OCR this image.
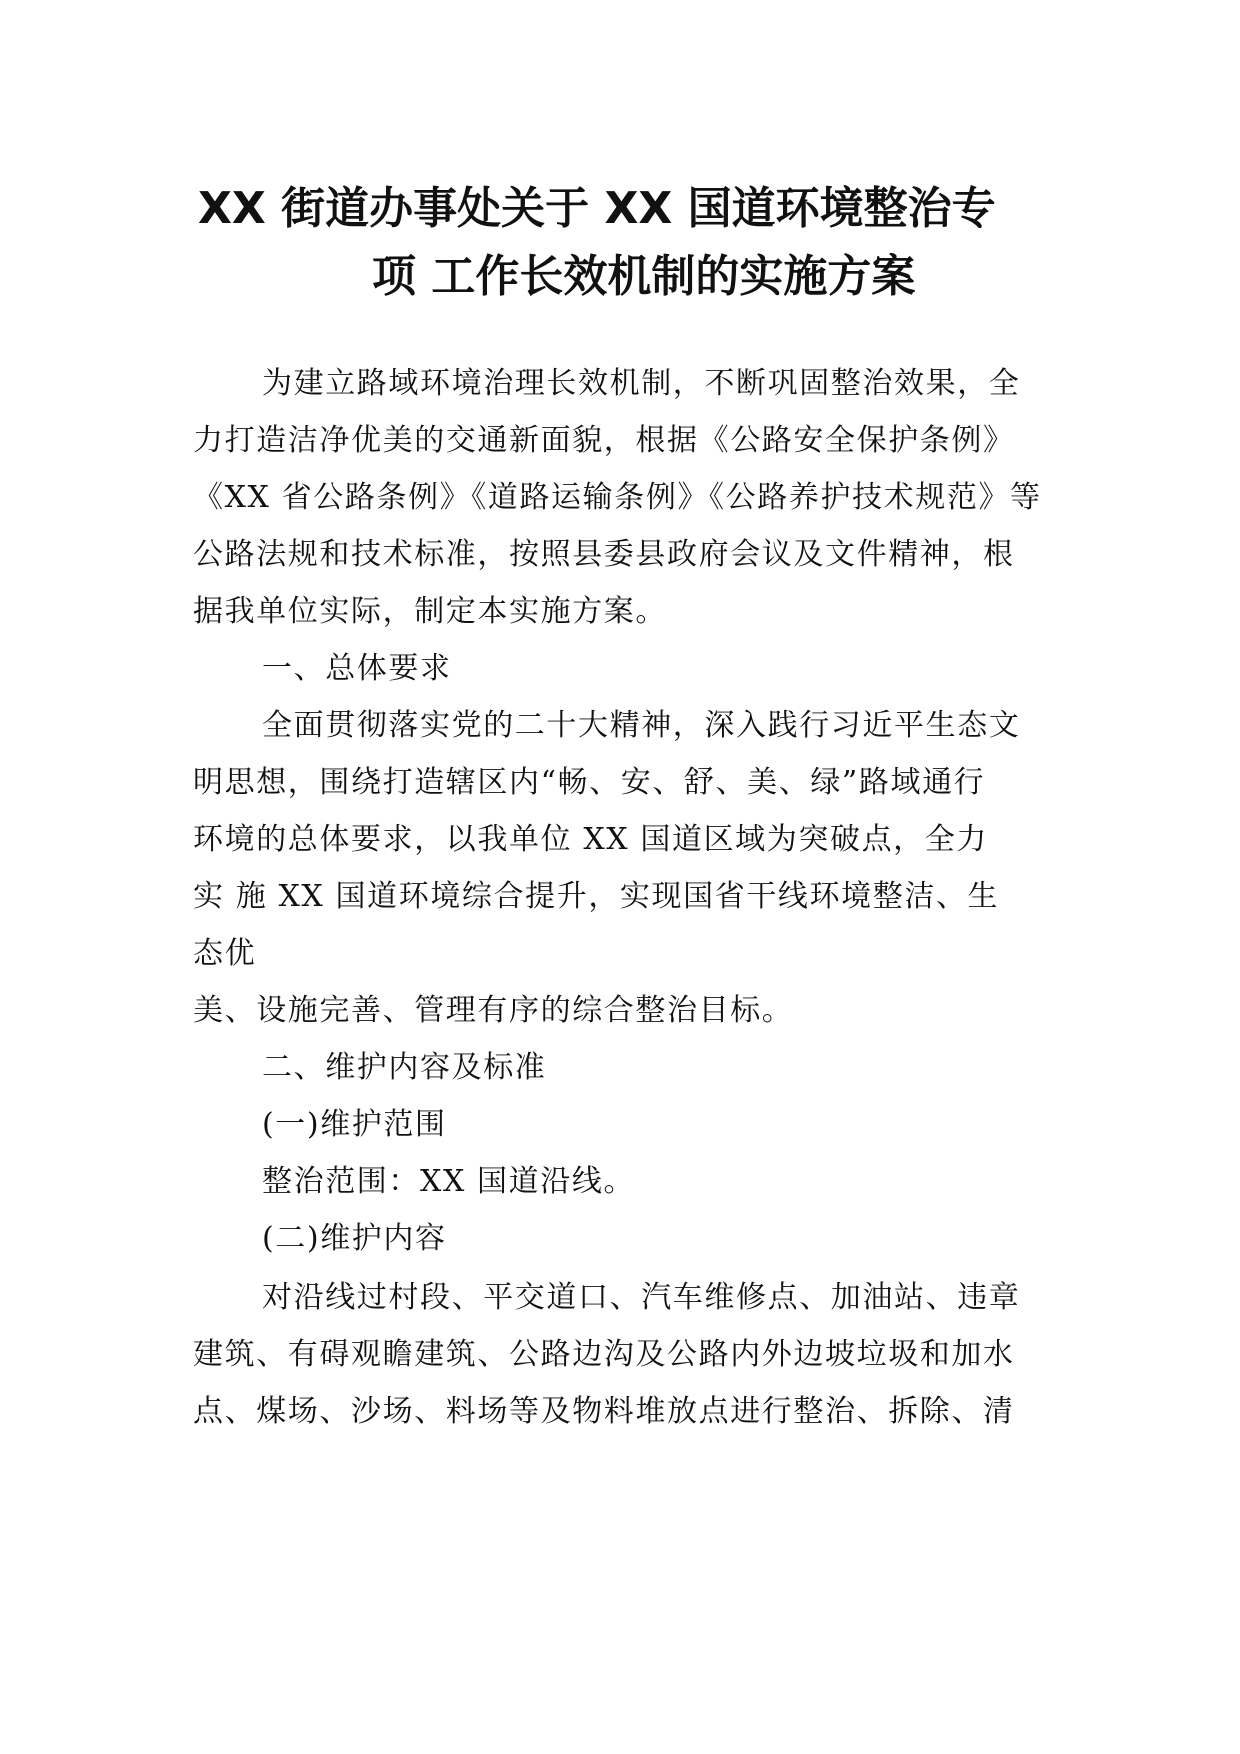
XX 街道办事处关于 XX 国道环境整治专
项 工作长效机制的实施方案

为建立路域环境治理长效机制，不断巩固整治效果，全

力打造洁净优美的交通新面貌，根据《公路安全保护条例》

《XX 省公路条例》《道路运输条例》《公路养护技术规范》等

公路法规和技术标准，按照县委县政府会议及文件精神，根

据我单位实际，制定本实施方案。

一、总体要求

全面贯彻落实党的二十大精神，深入践行习近平生态文

明思想，围绕打造辖区内“畅、安、舒、美、绿”路域通行

环境的总体要求，以我单位 XX 国道区域为突破点，全力

实 施 XX 国道环境综合提升，实现国省干线环境整洁、生

态优

美、设施完善、管理有序的综合整治目标。

二、维护内容及标准

(一)维护范围

整治范围：XX 国道沿线。

(二)维护内容

对沿线过村段、平交道口、汽车维修点、加油站、违章

建筑、有碍观瞻建筑、公路边沟及公路内外边坡垃圾和加水

点、煤场、沙场、料场等及物料堆放点进行整治、拆除、清
